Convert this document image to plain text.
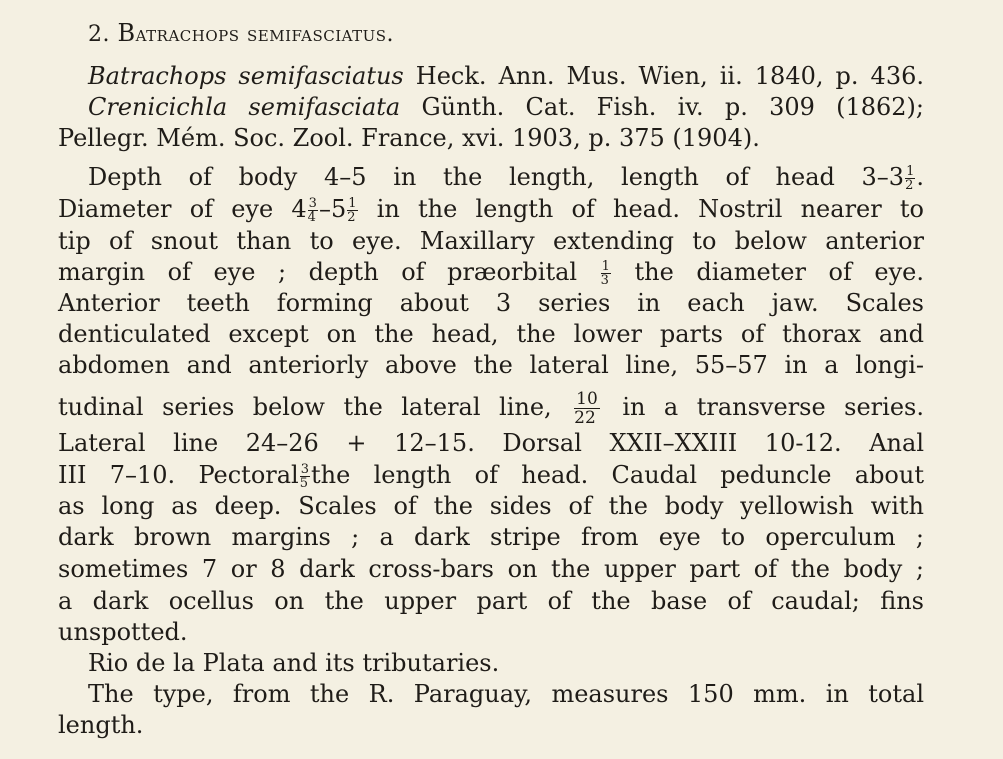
2. Batrachops semifasciatus.
Batrachops semifasciatus Heck. Ann. Mus. Wien, ii. 1840, p. 436.
Crenicichla semifasciata Günth. Cat. Fish. iv. p. 309 (1862);
Pellegr. Mém. Soc. Zool. France, xvi. 1903, p. 375 (1904).
Depth of body 4–5 in the length, length of head $3-3 \frac{1}{2}$ .
Diameter of eye $4 \frac{3}{4} -5 \frac{1}{2}$ in the length of head. Nostril nearer to
tip of snout than to eye. Maxillary extending to below anterior
margin of eye ; depth of præorbital $\frac{1}{3}$ the diameter of eye.
Anterior teeth forming about 3 series in each jaw. Scales
denticulated except on the head, the lower parts of thorax and
abdomen and anteriorly above the lateral line, 55–57 in a longi-
tudinal series below the lateral line, $\frac{10}{22}$ in a transverse series.
Lateral line 24–26 + 12–15. Dorsal XXII–XXIII 10-12. Anal
III 7–10. Pectoral $\frac{3}{5}$ the length of head. Caudal peduncle about
as long as deep. Scales of the sides of the body yellowish with
dark brown margins ; a dark stripe from eye to operculum ;
sometimes 7 or 8 dark cross-bars on the upper part of the body ;
a dark ocellus on the upper part of the base of caudal; fins
unspotted.
Rio de la Plata and its tributaries.
The type, from the R. Paraguay, measures 150 mm. in total
length.
